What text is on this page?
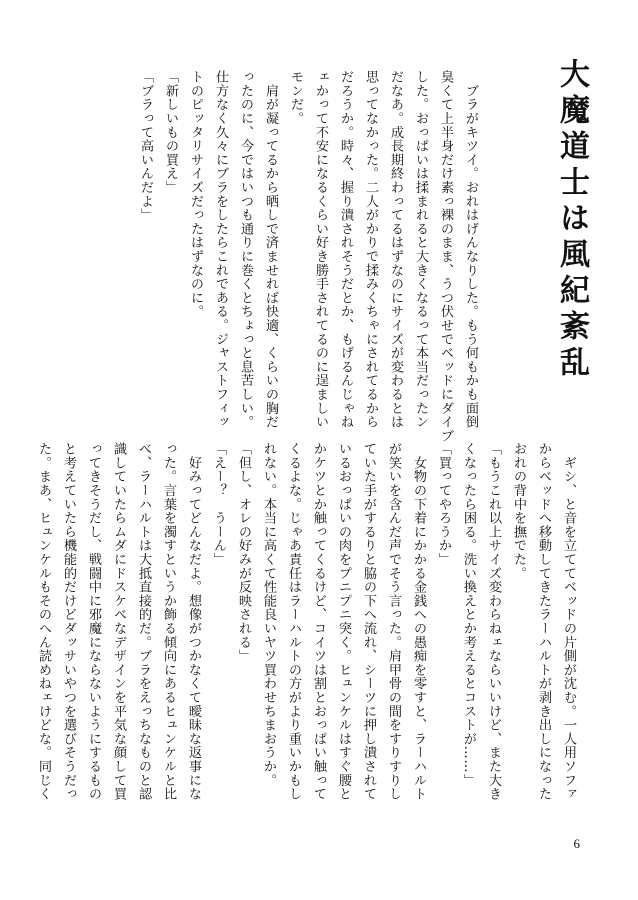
大魔道士は風紀紊乱
　ブラがキツイ。おれはげんなりした。もう何もかも面倒
臭くて上半身だけ素っ裸のまま、うつ伏せでベッドにダイブ
した。おっぱいは揉まれると大きくなるって本当だったン
だなあ。成長期終わってるはずなのにサイズが変わるとは
思ってなかった。二人がかりで揉みくちゃにされてるから
だろうか。時々、握り潰されそうだとか、もげるんじゃね
ェかって不安になるくらい好き勝手されてるのに逞ましい
モンだ。
　肩が凝ってるから晒しで済ませれば快適、くらいの胸だ
ったのに、今ではいつも通りに巻くとちょっと息苦しい。
仕方なく久々にブラをしたらこれである。ジャストフィッ
トのピッタリサイズだったはずなのに。
「新しいもの買え」
「ブラって高いんだよ」
　ギシ、と音を立ててベッドの片側が沈む。一人用ソファ
からベッドへ移動してきたラーハルトが剥き出しになった
おれの背中を撫でた。
「もうこれ以上サイズ変わらねェならいいけど、また大き
くなったら困る。洗い換えとか考えるとコストが……」
「買ってやろうか」
　女物の下着にかかる金銭への愚痴を零すと、ラーハルト
が笑いを含んだ声でそう言った。肩甲骨の間をすりすりし
ていた手がするりと脇の下へ流れ、シーツに押し潰されて
いるおっぱいの肉をプニプニ突く。ヒュンケルはすぐ腰と
かケツとか触ってくるけど、コイツは割とおっぱい触って
くるよな。じゃあ責任はラーハルトの方がより重いかもし
れない。本当に高くて性能良いヤツ買わせちまおうか。
「但し、オレの好みが反映される」
「えー？　うーん」
　好みってどんなだよ。想像がつかなくて曖昧な返事にな
った。言葉を濁すというか飾る傾向にあるヒュンケルと比
べ、ラーハルトは大抵直接的だ。ブラをえっちなものと認
識していたらムダにドスケベなデザインを平気な顔して買
ってきそうだし、戦闘中に邪魔にならないようにするもの
と考えていたら機能的だけどダッサいやつを選びそうだっ
た。まあ、ヒュンケルもそのへん読めねェけどな。同じく
6
